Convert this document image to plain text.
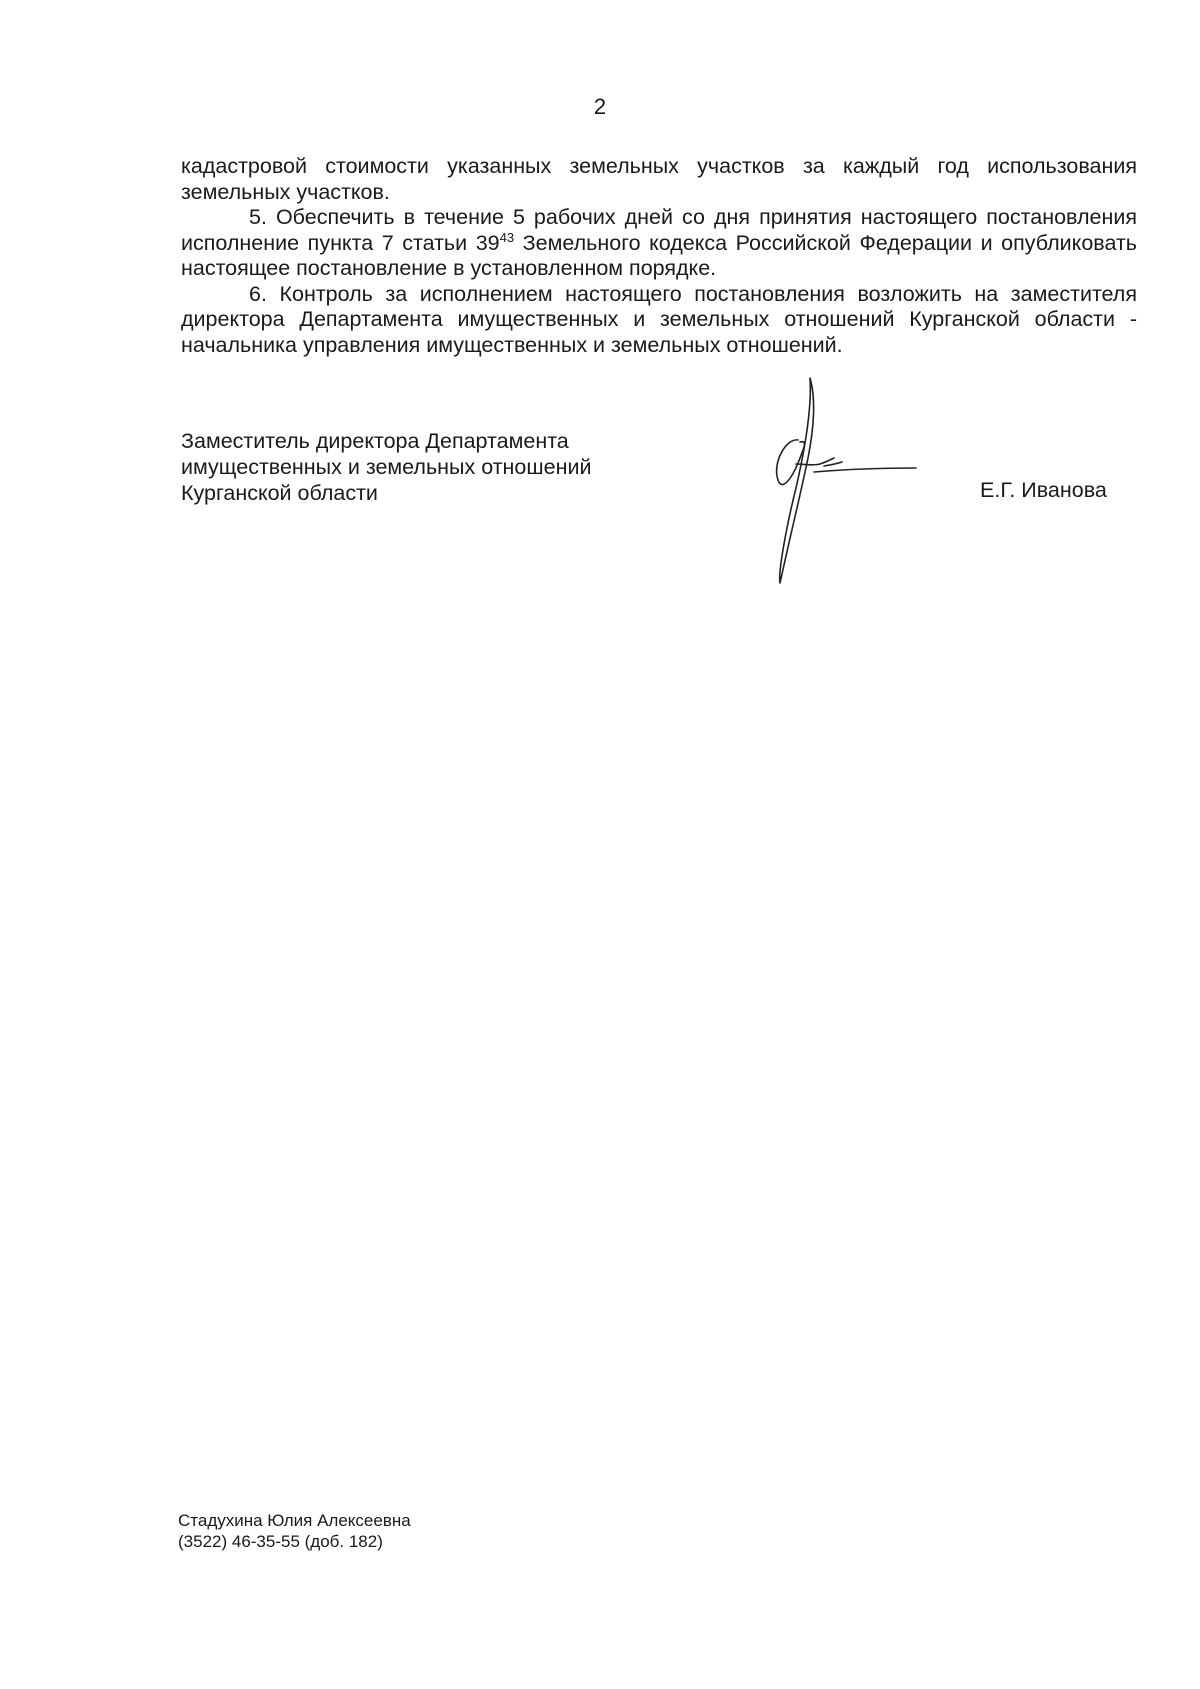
2

кадастровой стоимости указанных земельных участков за каждый год использования земельных участков.

5. Обеспечить в течение 5 рабочих дней со дня принятия настоящего постановления исполнение пункта 7 статьи $39^{43}$ Земельного кодекса Российской Федерации и опубликовать настоящее постановление в установленном порядке.

6. Контроль за исполнением настоящего постановления возложить на заместителя директора Департамента имущественных и земельных отношений Курганской области - начальника управления имущественных и земельных отношений.

Заместитель директора Департамента
имущественных и земельных отношений
Курганской области	Е.Г. Иванова
Стадухина Юлия Алексеевна
(3522) 46-35-55 (доб. 182)
